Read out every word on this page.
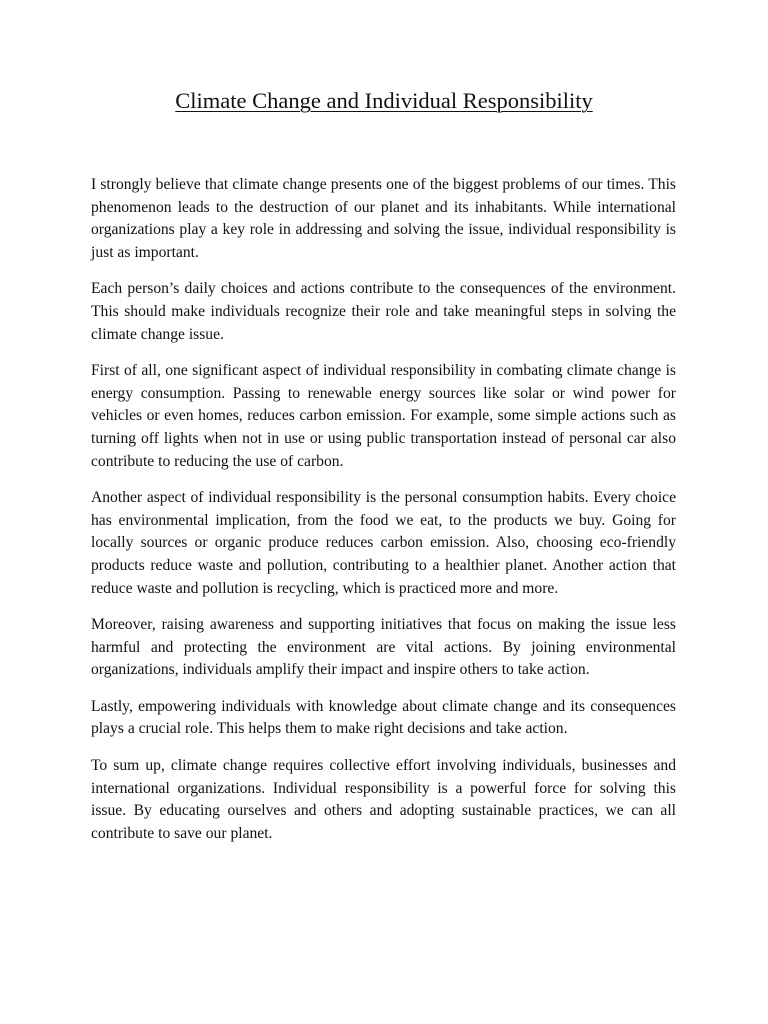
Climate Change and Individual Responsibility

I strongly believe that climate change presents one of the biggest problems of our times. This phenomenon leads to the destruction of our planet and its inhabitants. While international organizations play a key role in addressing and solving the issue, individual responsibility is just as important.

Each person’s daily choices and actions contribute to the consequences of the environment. This should make individuals recognize their role and take meaningful steps in solving the climate change issue.

First of all, one significant aspect of individual responsibility in combating climate change is energy consumption. Passing to renewable energy sources like solar or wind power for vehicles or even homes, reduces carbon emission. For example, some simple actions such as turning off lights when not in use or using public transportation instead of personal car also contribute to reducing the use of carbon.

Another aspect of individual responsibility is the personal consumption habits. Every choice has environmental implication, from the food we eat, to the products we buy. Going for locally sources or organic produce reduces carbon emission. Also, choosing eco-friendly products reduce waste and pollution, contributing to a healthier planet. Another action that reduce waste and pollution is recycling, which is practiced more and more.

Moreover, raising awareness and supporting initiatives that focus on making the issue less harmful and protecting the environment are vital actions. By joining environmental organizations, individuals amplify their impact and inspire others to take action.

Lastly, empowering individuals with knowledge about climate change and its consequences plays a crucial role. This helps them to make right decisions and take action.

To sum up, climate change requires collective effort involving individuals, businesses and international organizations. Individual responsibility is a powerful force for solving this issue. By educating ourselves and others and adopting sustainable practices, we can all contribute to save our planet.
